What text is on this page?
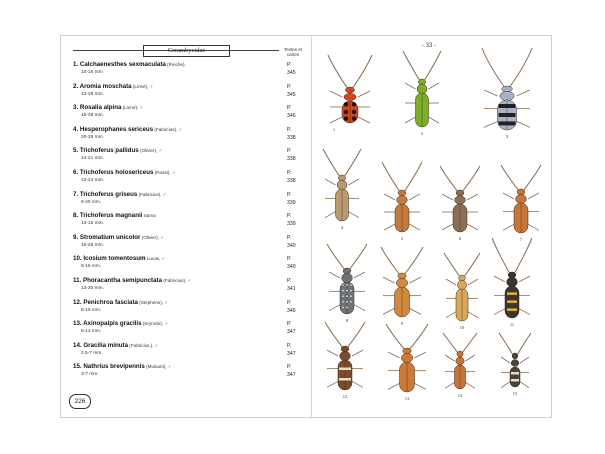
Cerambycidae	Textes et cartes
1. Calchaenesthes sexmaculata (Reiche),
10-15 mm
P. 345
2. Aromia moschata (Linné), ♂
13-35 mm.
P. 345
3. Rosalia alpina (Linné), ♂
15-38 mm.
P. 346
4. Hesperophanes sericeus (Fabricius), ♂
20-28 mm.
P. 338
5. Trichoferus pallidus (Olivier), ♂
14-21 mm.
P. 338
6. Trichoferus holosericeus (Rossi), ♂
13-24 mm.
P. 338
7. Trichoferus griseus (Fabricius), ♂
9-20 mm.
P. 339
8. Trichoferus magnanii Sama
13-15 mm.
P. 339
9. Stromatium unicolor (Olivier), ♂
16-35 mm.
P. 340
10. Icosium tomentosum Lucas, ♂
8-16 mm.
P. 340
11. Phoracantha semipunctata (Fabricius), ♂
13-30 mm.
P. 341
12. Penichroa fasciata (Stephens), ♂
6-15 mm.
P. 346
13. Axinopalpis gracilis (Krynicki), ♂
5-12 mm.
P. 347
14. Gracilia minuta (Fabricius,), ♂
2,5-7 mm.
P. 347
15. Nathrius brevipennis (Mulsant), ♂
3-7 mm.
P. 347
226
- 33 -
1
2
3
4
5	6	7
8
9
10
11
12	13
14	15
